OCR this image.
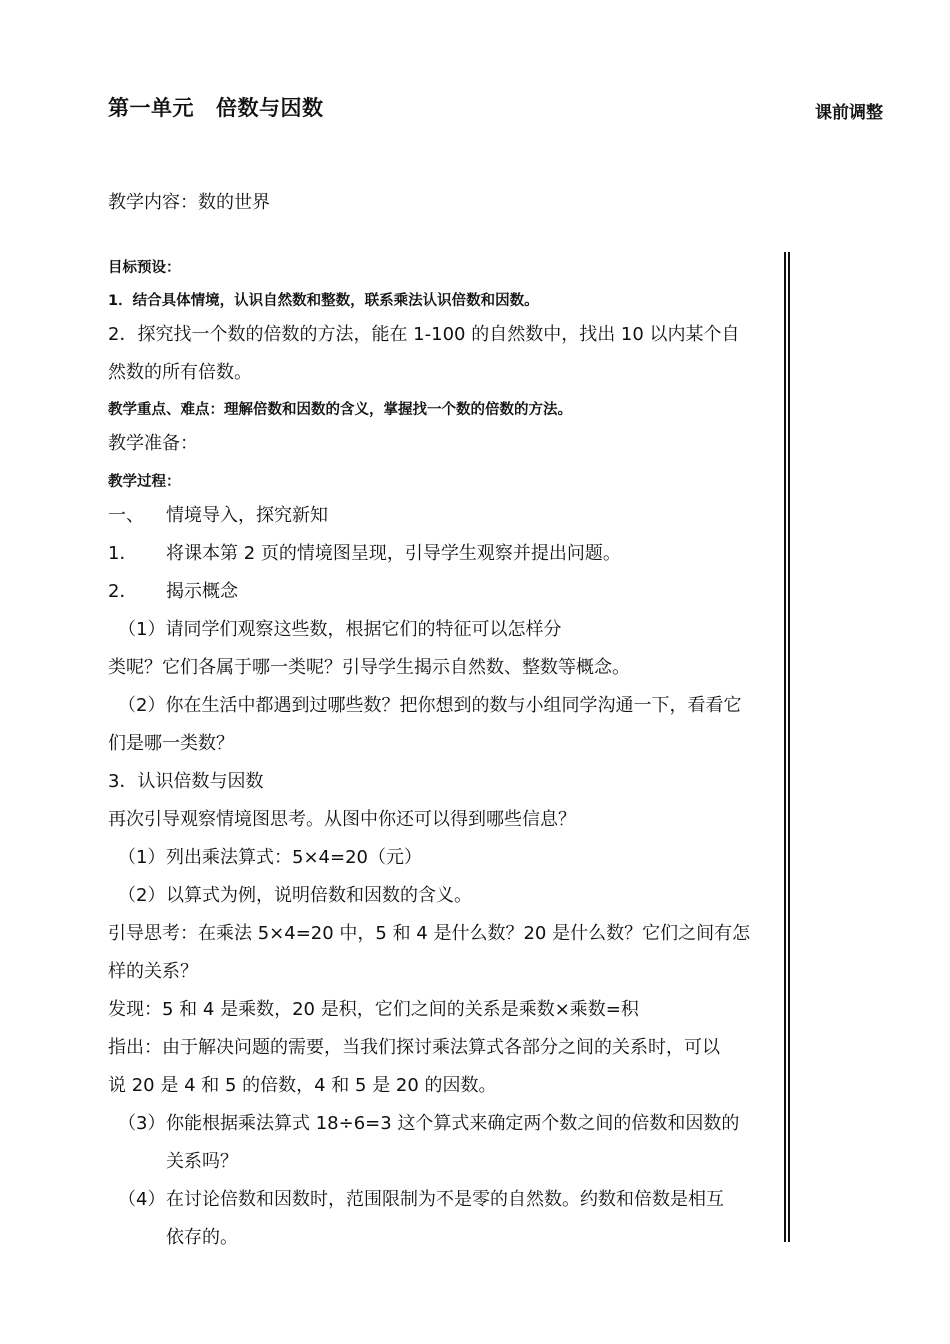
第一单元 倍数与因数	课前调整
教学内容：数的世界
目标预设：
1．结合具体情境，认识自然数和整数，联系乘法认识倍数和因数。
2．探究找一个数的倍数的方法，能在 1-100 的自然数中，找出 10 以内某个自
然数的所有倍数。
教学重点、难点：理解倍数和因数的含义，掌握找一个数的倍数的方法。
教学准备：
教学过程：
一、 情境导入，探究新知
1． 将课本第 2 页的情境图呈现，引导学生观察并提出问题。
2． 揭示概念
（1）请同学们观察这些数，根据它们的特征可以怎样分
类呢？它们各属于哪一类呢？引导学生揭示自然数、整数等概念。
（2）你在生活中都遇到过哪些数？把你想到的数与小组同学沟通一下，看看它
们是哪一类数？
3．认识倍数与因数
再次引导观察情境图思考。从图中你还可以得到哪些信息？
（1）列出乘法算式：5×4=20（元）
（2）以算式为例，说明倍数和因数的含义。
引导思考：在乘法 5×4=20 中，5 和 4 是什么数？20 是什么数？它们之间有怎
样的关系？
发现：5 和 4 是乘数，20 是积，它们之间的关系是乘数×乘数=积
指出：由于解决问题的需要，当我们探讨乘法算式各部分之间的关系时，可以
说 20 是 4 和 5 的倍数，4 和 5 是 20 的因数。
（3）你能根据乘法算式 18÷6=3 这个算式来确定两个数之间的倍数和因数的
关系吗？
（4）在讨论倍数和因数时，范围限制为不是零的自然数。约数和倍数是相互
依存的。
